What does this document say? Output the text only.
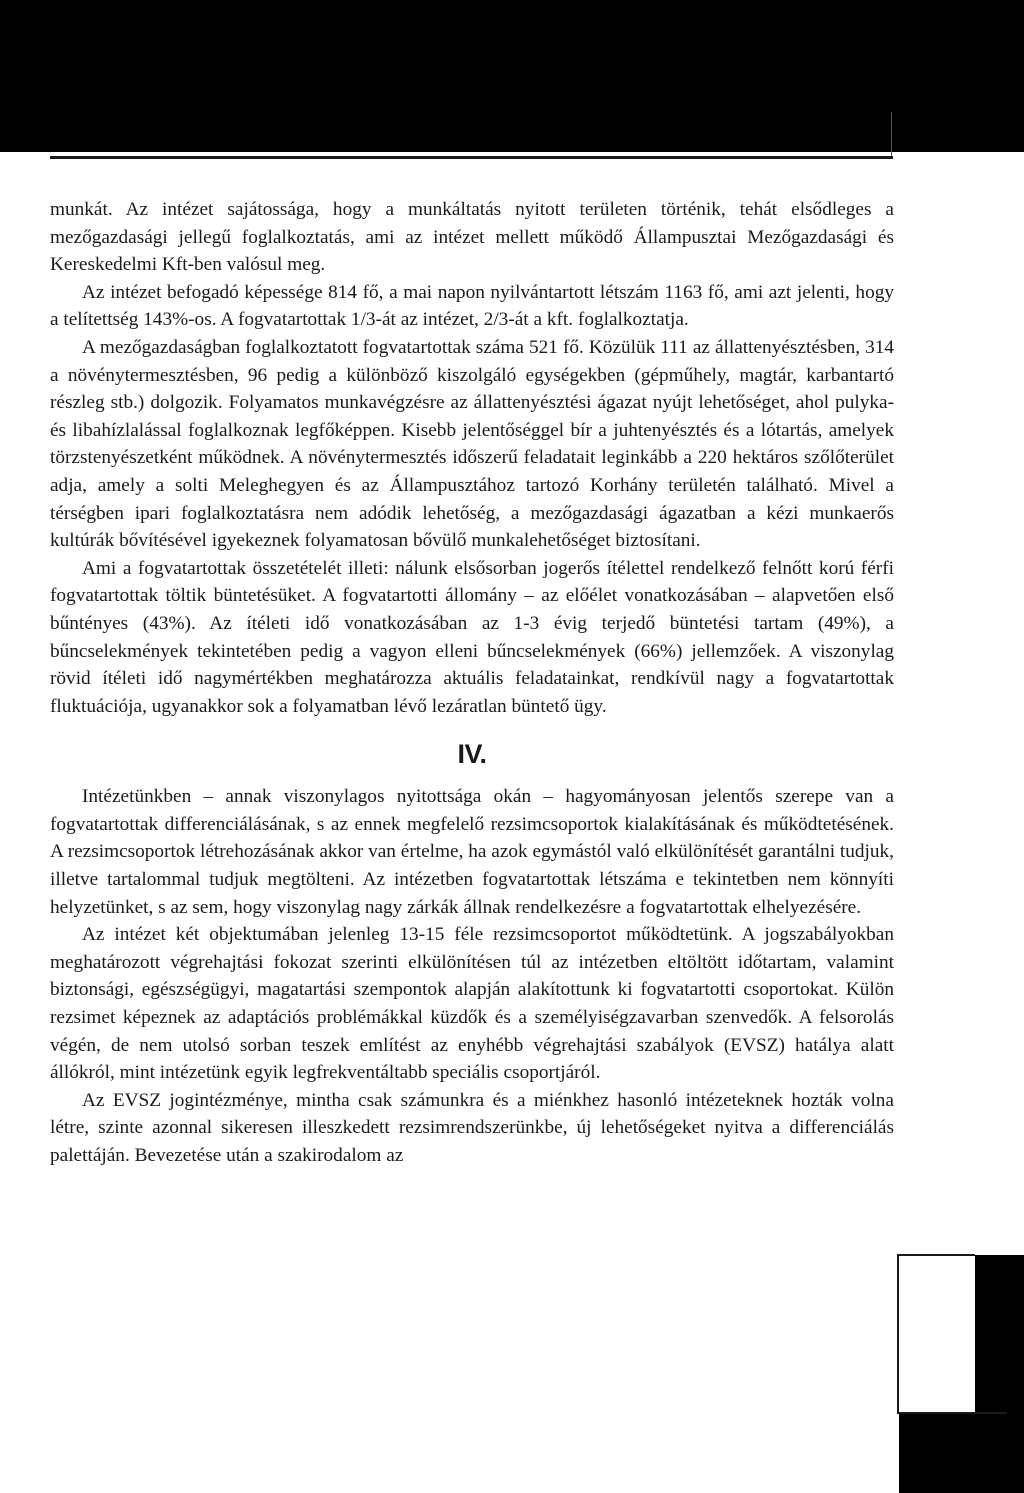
munkát. Az intézet sajátossága, hogy a munkáltatás nyitott területen történik, tehát elsődleges a mezőgazdasági jellegű foglalkoztatás, ami az intézet mellett működő Állampusztai Mezőgazdasági és Kereskedelmi Kft-ben valósul meg.

Az intézet befogadó képessége 814 fő, a mai napon nyilvántartott létszám 1163 fő, ami azt jelenti, hogy a telítettség 143%-os. A fogvatartottak 1/3-át az intézet, 2/3-át a kft. foglalkoztatja.

A mezőgazdaságban foglalkoztatott fogvatartottak száma 521 fő. Közülük 111 az állattenyésztésben, 314 a növénytermesztésben, 96 pedig a különböző kiszolgáló egységekben (gépműhely, magtár, karbantartó részleg stb.) dolgozik. Folyamatos munkavégzésre az állattenyésztési ágazat nyújt lehetőséget, ahol pulyka- és libahízlalással foglalkoznak legfőképpen. Kisebb jelentőséggel bír a juhtenyésztés és a lótartás, amelyek törzstenyészetként működnek. A növénytermesztés időszerű feladatait leginkább a 220 hektáros szőlőterület adja, amely a solti Meleghegyen és az Állampusztához tartozó Korhány területén található. Mivel a térségben ipari foglalkoztatásra nem adódik lehetőség, a mezőgazdasági ágazatban a kézi munkaerős kultúrák bővítésével igyekeznek folyamatosan bővülő munkalehetőséget biztosítani.

Ami a fogvatartottak összetételét illeti: nálunk elsősorban jogerős ítélettel rendelkező felnőtt korú férfi fogvatartottak töltik büntetésüket. A fogvatartotti állomány – az előélet vonatkozásában – alapvetően első bűntényes (43%). Az ítéleti idő vonatkozásában az 1-3 évig terjedő büntetési tartam (49%), a bűncselekmények tekintetében pedig a vagyon elleni bűncselekmények (66%) jellemzőek. A viszonylag rövid ítéleti idő nagymértékben meghatározza aktuális feladatainkat, rendkívül nagy a fogvatartottak fluktuációja, ugyanakkor sok a folyamatban lévő lezáratlan büntető ügy.

IV.

Intézetünkben – annak viszonylagos nyitottsága okán – hagyományosan jelentős szerepe van a fogvatartottak differenciálásának, s az ennek megfelelő rezsimcsoportok kialakításának és működtetésének. A rezsimcsoportok létrehozásának akkor van értelme, ha azok egymástól való elkülönítését garantálni tudjuk, illetve tartalommal tudjuk megtölteni. Az intézetben fogvatartottak létszáma e tekintetben nem könnyíti helyzetünket, s az sem, hogy viszonylag nagy zárkák állnak rendelkezésre a fogvatartottak elhelyezésére.

Az intézet két objektumában jelenleg 13-15 féle rezsimcsoportot működtetünk. A jogszabályokban meghatározott végrehajtási fokozat szerinti elkülönítésen túl az intézetben eltöltött időtartam, valamint biztonsági, egészségügyi, magatartási szempontok alapján alakítottunk ki fogvatartotti csoportokat. Külön rezsimet képeznek az adaptációs problémákkal küzdők és a személyiségzavarban szenvedők. A felsorolás végén, de nem utolsó sorban teszek említést az enyhébb végrehajtási szabályok (EVSZ) hatálya alatt állókról, mint intézetünk egyik legfrekventáltabb speciális csoportjáról.

Az EVSZ jogintézménye, mintha csak számunkra és a miénkhez hasonló intézeteknek hozták volna létre, szinte azonnal sikeresen illeszkedett rezsimrendszerünkbe, új lehetőségeket nyitva a differenciálás palettáján. Bevezetése után a szakirodalom az
